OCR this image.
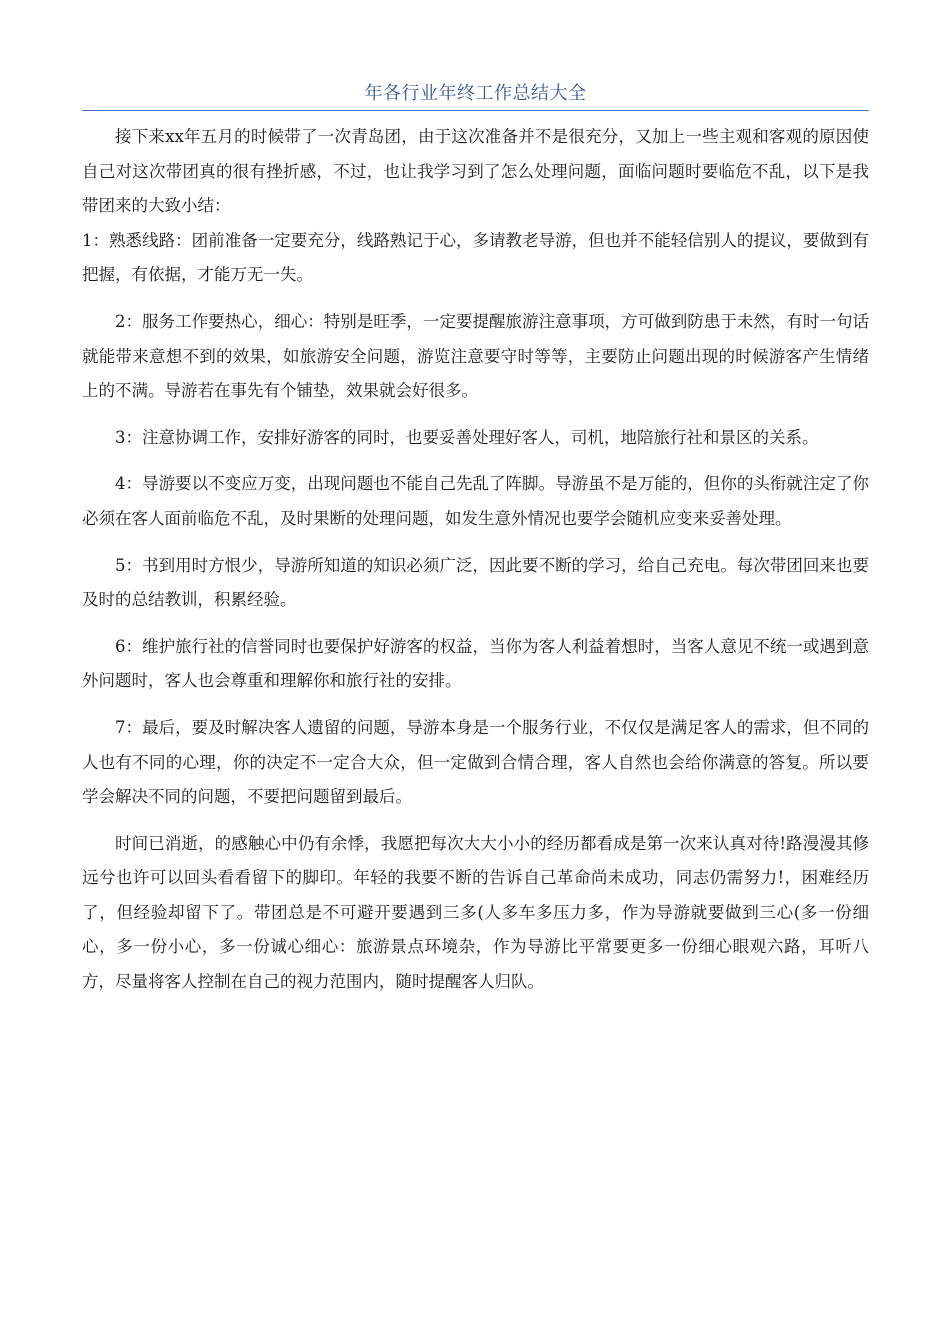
年各行业年终工作总结大全

接下来xx年五月的时候带了一次青岛团，由于这次准备并不是很充分，又加上一些主观和客观的原因使自己对这次带团真的很有挫折感，不过，也让我学习到了怎么处理问题，面临问题时要临危不乱，以下是我带团来的大致小结：

1：熟悉线路：团前准备一定要充分，线路熟记于心，多请教老导游，但也并不能轻信别人的提议，要做到有把握，有依据，才能万无一失。

2：服务工作要热心，细心：特别是旺季，一定要提醒旅游注意事项，方可做到防患于未然，有时一句话就能带来意想不到的效果，如旅游安全问题，游览注意要守时等等，主要防止问题出现的时候游客产生情绪上的不满。导游若在事先有个铺垫，效果就会好很多。

3：注意协调工作，安排好游客的同时，也要妥善处理好客人，司机，地陪旅行社和景区的关系。

4：导游要以不变应万变，出现问题也不能自己先乱了阵脚。导游虽不是万能的，但你的头衔就注定了你必须在客人面前临危不乱，及时果断的处理问题，如发生意外情况也要学会随机应变来妥善处理。

5：书到用时方恨少，导游所知道的知识必须广泛，因此要不断的学习，给自己充电。每次带团回来也要及时的总结教训，积累经验。

6：维护旅行社的信誉同时也要保护好游客的权益，当你为客人利益着想时，当客人意见不统一或遇到意外问题时，客人也会尊重和理解你和旅行社的安排。

7：最后，要及时解决客人遗留的问题，导游本身是一个服务行业，不仅仅是满足客人的需求，但不同的人也有不同的心理，你的决定不一定合大众，但一定做到合情合理，客人自然也会给你满意的答复。所以要学会解决不同的问题，不要把问题留到最后。

时间已消逝，的感触心中仍有余悸，我愿把每次大大小小的经历都看成是第一次来认真对待!路漫漫其修远兮也许可以回头看看留下的脚印。年轻的我要不断的告诉自己革命尚未成功，同志仍需努力!，困难经历了，但经验却留下了。带团总是不可避开要遇到三多(人多车多压力多，作为导游就要做到三心(多一份细心，多一份小心，多一份诚心细心：旅游景点环境杂，作为导游比平常要更多一份细心眼观六路，耳听八方，尽量将客人控制在自己的视力范围内，随时提醒客人归队。
